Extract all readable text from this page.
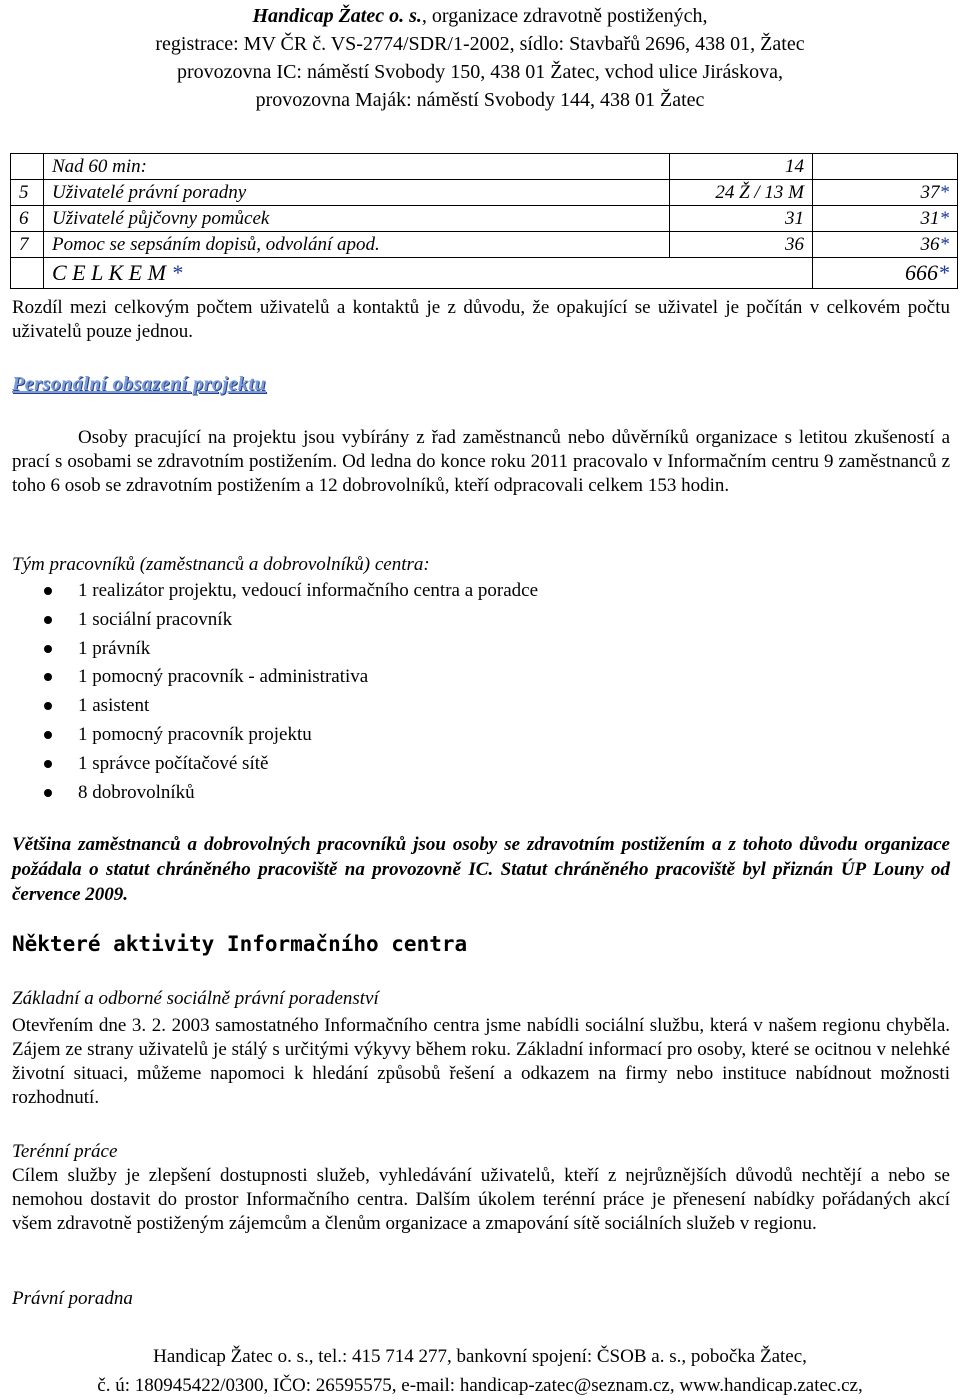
Handicap Žatec o. s., organizace zdravotně postižených,
registrace: MV ČR č. VS-2774/SDR/1-2002, sídlo: Stavbařů 2696, 438 01, Žatec
provozovna IC: náměstí Svobody 150, 438 01 Žatec, vchod ulice Jiráskova,
provozovna Maják: náměstí Svobody 144, 438 01 Žatec
	Nad 60 min:	14	
5	Uživatelé právní poradny	24 Ž / 13 M	37*
6	Uživatelé půjčovny pomůcek	31	31*
7	Pomoc se sepsáním dopisů, odvolání apod.	36	36*
	C E L K E M *		666*
Rozdíl mezi celkovým počtem uživatelů a kontaktů je z důvodu, že opakující se uživatel je počítán v celkovém počtu uživatelů pouze jednou.
Personální obsazení projektu
Osoby pracující na projektu jsou vybírány z řad zaměstnanců nebo důvěrníků organizace s letitou zkušeností a prací s osobami se zdravotním postižením. Od ledna do konce roku 2011 pracovalo v Informačním centru 9 zaměstnanců z toho 6 osob se zdravotním postižením a 12 dobrovolníků, kteří odpracovali celkem 153 hodin.
Tým pracovníků (zaměstnanců a dobrovolníků) centra:
1 realizátor projektu, vedoucí informačního centra a poradce
1 sociální pracovník
1 právník
1 pomocný pracovník - administrativa
1 asistent
1 pomocný pracovník projektu
1 správce počítačové sítě
8 dobrovolníků
Většina zaměstnanců a dobrovolných pracovníků jsou osoby se zdravotním postižením a z tohoto důvodu organizace požádala o statut chráněného pracoviště na provozovně IC. Statut chráněného pracoviště byl přiznán ÚP Louny od července 2009.
Některé aktivity Informačního centra
Základní a odborné sociálně právní poradenství
Otevřením dne 3. 2. 2003 samostatného Informačního centra jsme nabídli sociální službu, která v našem regionu chyběla. Zájem ze strany uživatelů je stálý s určitými výkyvy během roku. Základní informací pro osoby, které se ocitnou v nelehké životní situaci, můžeme napomoci k hledání způsobů řešení a odkazem na firmy nebo instituce nabídnout možnosti rozhodnutí.
Terénní práce
Cílem služby je zlepšení dostupnosti služeb, vyhledávání uživatelů, kteří z nejrůznějších důvodů nechtějí a nebo se nemohou dostavit do prostor Informačního centra. Dalším úkolem terénní práce je přenesení nabídky pořádaných akcí všem zdravotně postiženým zájemcům a členům organizace a zmapování sítě sociálních služeb v regionu.
Právní poradna
Handicap Žatec o. s., tel.: 415 714 277, bankovní spojení: ČSOB a. s., pobočka Žatec,
č. ú: 180945422/0300, IČO: 26595575, e-mail: handicap-zatec@seznam.cz, www.handicap.zatec.cz,
